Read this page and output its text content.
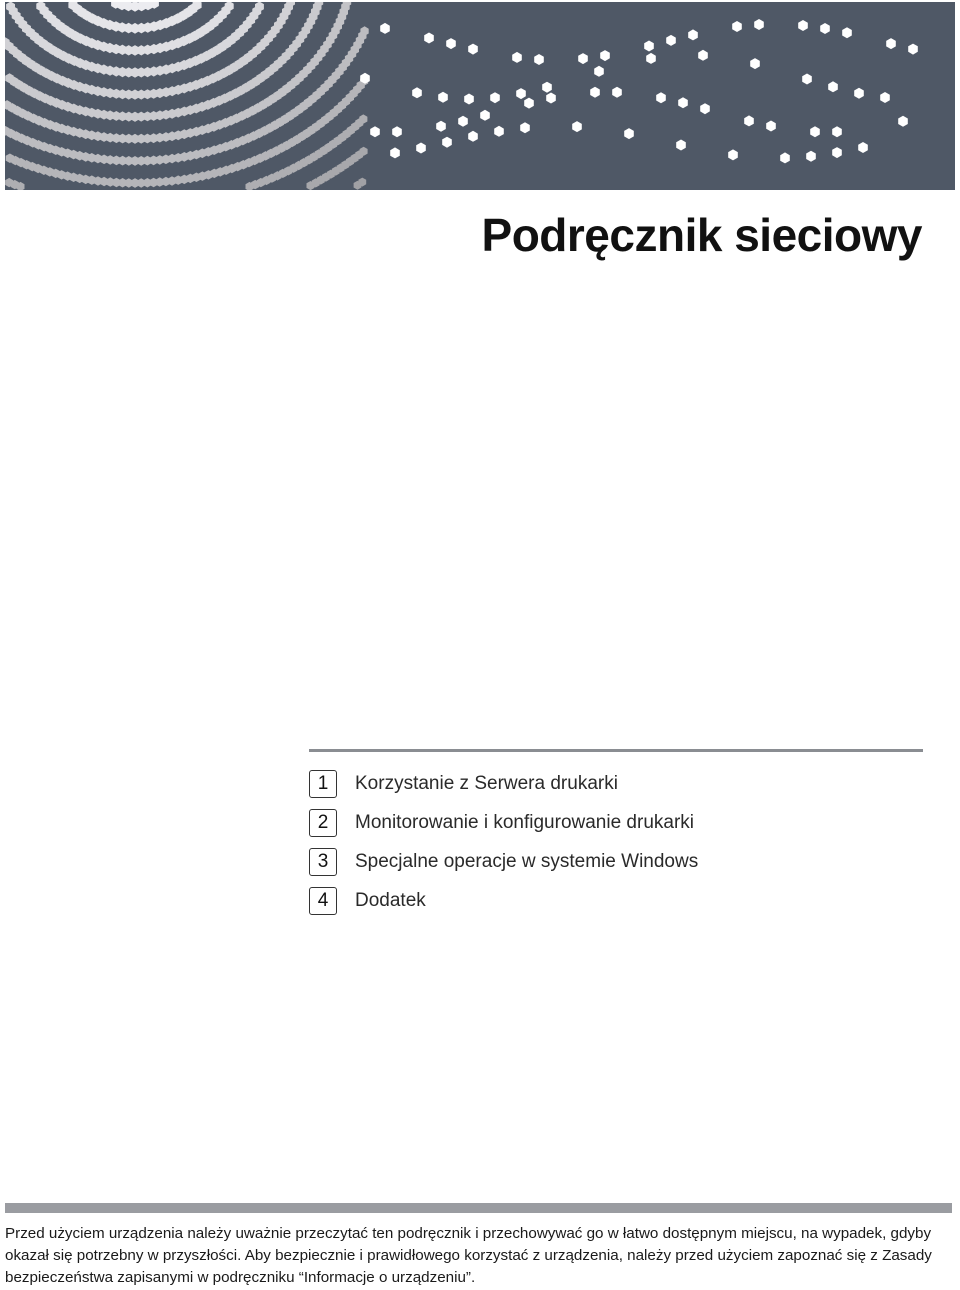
Podręcznik sieciowy
1	Korzystanie z Serwera drukarki
2	Monitorowanie i konfigurowanie drukarki
3	Specjalne operacje w systemie Windows
4	Dodatek
Przed użyciem urządzenia należy uważnie przeczytać ten podręcznik i przechowywać go w łatwo dostępnym miejscu, na wypadek, gdyby okazał się potrzebny w przyszłości. Aby bezpiecznie i prawidłowego korzystać z urządzenia, należy przed użyciem zapoznać się z Zasady bezpieczeństwa zapisanymi w podręczniku “Informacje o urządzeniu”.
